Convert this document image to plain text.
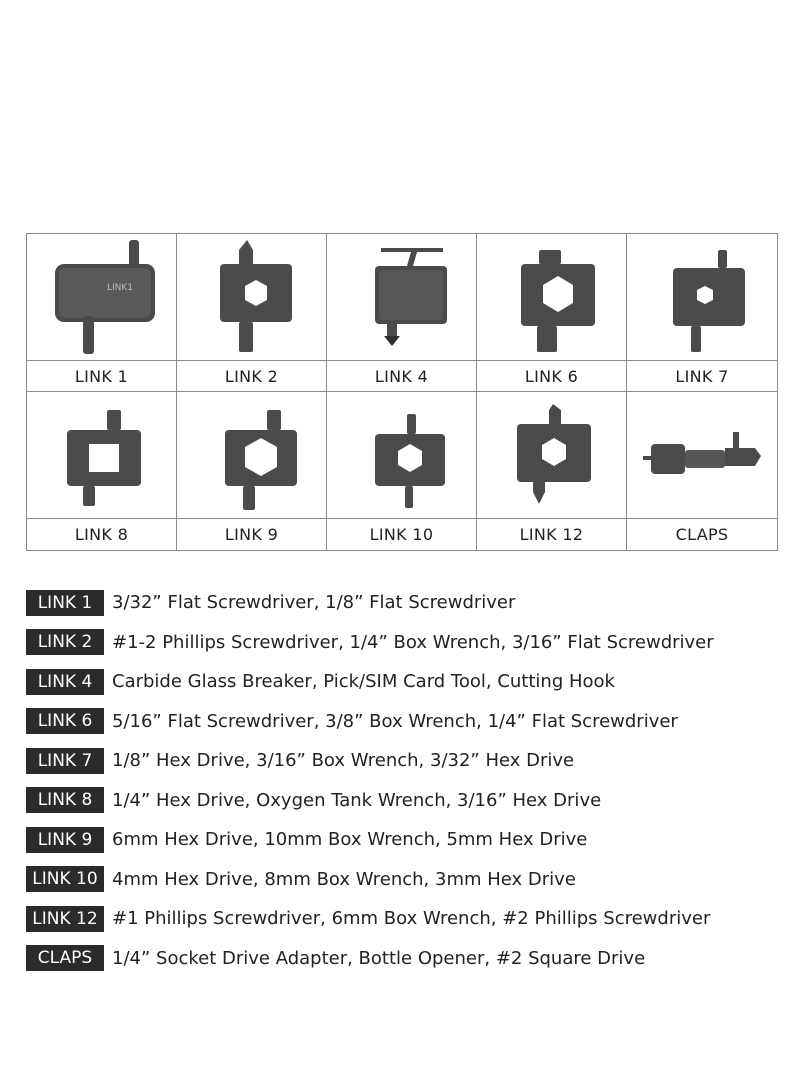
LINK1
LINK 1	LINK 2	LINK 4	LINK 6	LINK 7
LINK 8	LINK 9	LINK 10	LINK 12	CLAPS
LINK 1	3/32” Flat Screwdriver, 1/8” Flat Screwdriver
LINK 2	#1-2 Phillips Screwdriver, 1/4” Box Wrench, 3/16” Flat Screwdriver
LINK 4	Carbide Glass Breaker, Pick/SIM Card Tool, Cutting Hook
LINK 6	5/16” Flat Screwdriver, 3/8” Box Wrench, 1/4” Flat Screwdriver
LINK 7	1/8” Hex Drive, 3/16” Box Wrench, 3/32” Hex Drive
LINK 8	1/4” Hex Drive, Oxygen Tank Wrench, 3/16” Hex Drive
LINK 9	6mm Hex Drive, 10mm Box Wrench, 5mm Hex Drive
LINK 10 4mm Hex Drive, 8mm Box Wrench, 3mm Hex Drive
LINK 12 #1 Phillips Screwdriver, 6mm Box Wrench, #2 Phillips Screwdriver
CLAPS	1/4” Socket Drive Adapter, Bottle Opener, #2 Square Drive
